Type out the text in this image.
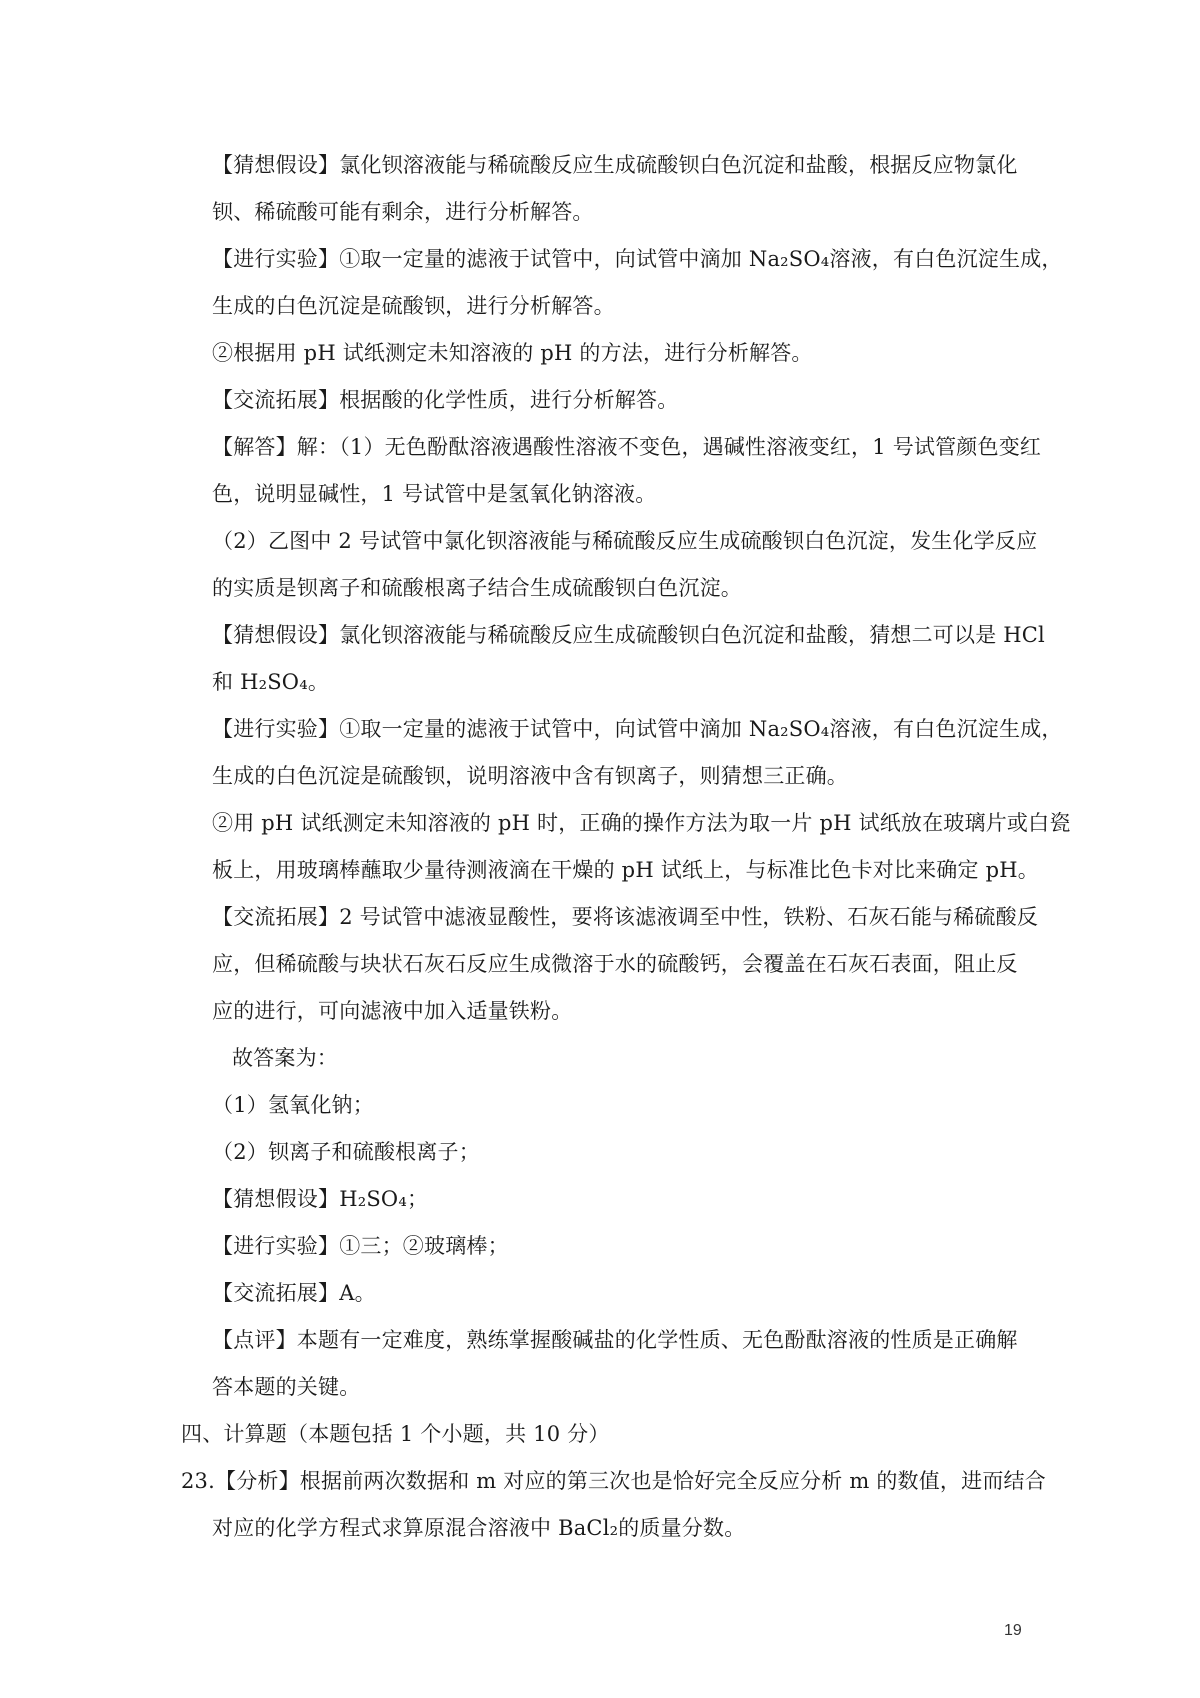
【猜想假设】氯化钡溶液能与稀硫酸反应生成硫酸钡白色沉淀和盐酸，根据反应物氯化
钡、稀硫酸可能有剩余，进行分析解答。
【进行实验】①取一定量的滤液于试管中，向试管中滴加 Na₂SO₄溶液，有白色沉淀生成，
生成的白色沉淀是硫酸钡，进行分析解答。
②根据用 pH 试纸测定未知溶液的 pH 的方法，进行分析解答。
【交流拓展】根据酸的化学性质，进行分析解答。
【解答】解：（1）无色酚酞溶液遇酸性溶液不变色，遇碱性溶液变红，1 号试管颜色变红
色，说明显碱性，1 号试管中是氢氧化钠溶液。
（2）乙图中 2 号试管中氯化钡溶液能与稀硫酸反应生成硫酸钡白色沉淀，发生化学反应
的实质是钡离子和硫酸根离子结合生成硫酸钡白色沉淀。
【猜想假设】氯化钡溶液能与稀硫酸反应生成硫酸钡白色沉淀和盐酸，猜想二可以是 HCl
和 H₂SO₄。
【进行实验】①取一定量的滤液于试管中，向试管中滴加 Na₂SO₄溶液，有白色沉淀生成，
生成的白色沉淀是硫酸钡，说明溶液中含有钡离子，则猜想三正确。
②用 pH 试纸测定未知溶液的 pH 时，正确的操作方法为取一片 pH 试纸放在玻璃片或白瓷
板上，用玻璃棒蘸取少量待测液滴在干燥的 pH 试纸上，与标准比色卡对比来确定 pH。
【交流拓展】2 号试管中滤液显酸性，要将该滤液调至中性，铁粉、石灰石能与稀硫酸反
应，但稀硫酸与块状石灰石反应生成微溶于水的硫酸钙，会覆盖在石灰石表面，阻止反
应的进行，可向滤液中加入适量铁粉。
故答案为：
（1）氢氧化钠；
（2）钡离子和硫酸根离子；
【猜想假设】H₂SO₄；
【进行实验】①三；②玻璃棒；
【交流拓展】A。
【点评】本题有一定难度，熟练掌握酸碱盐的化学性质、无色酚酞溶液的性质是正确解
答本题的关键。
四、计算题（本题包括 1 个小题，共 10 分）
23.【分析】根据前两次数据和 m 对应的第三次也是恰好完全反应分析 m 的数值，进而结合
对应的化学方程式求算原混合溶液中 BaCl₂的质量分数。
19
